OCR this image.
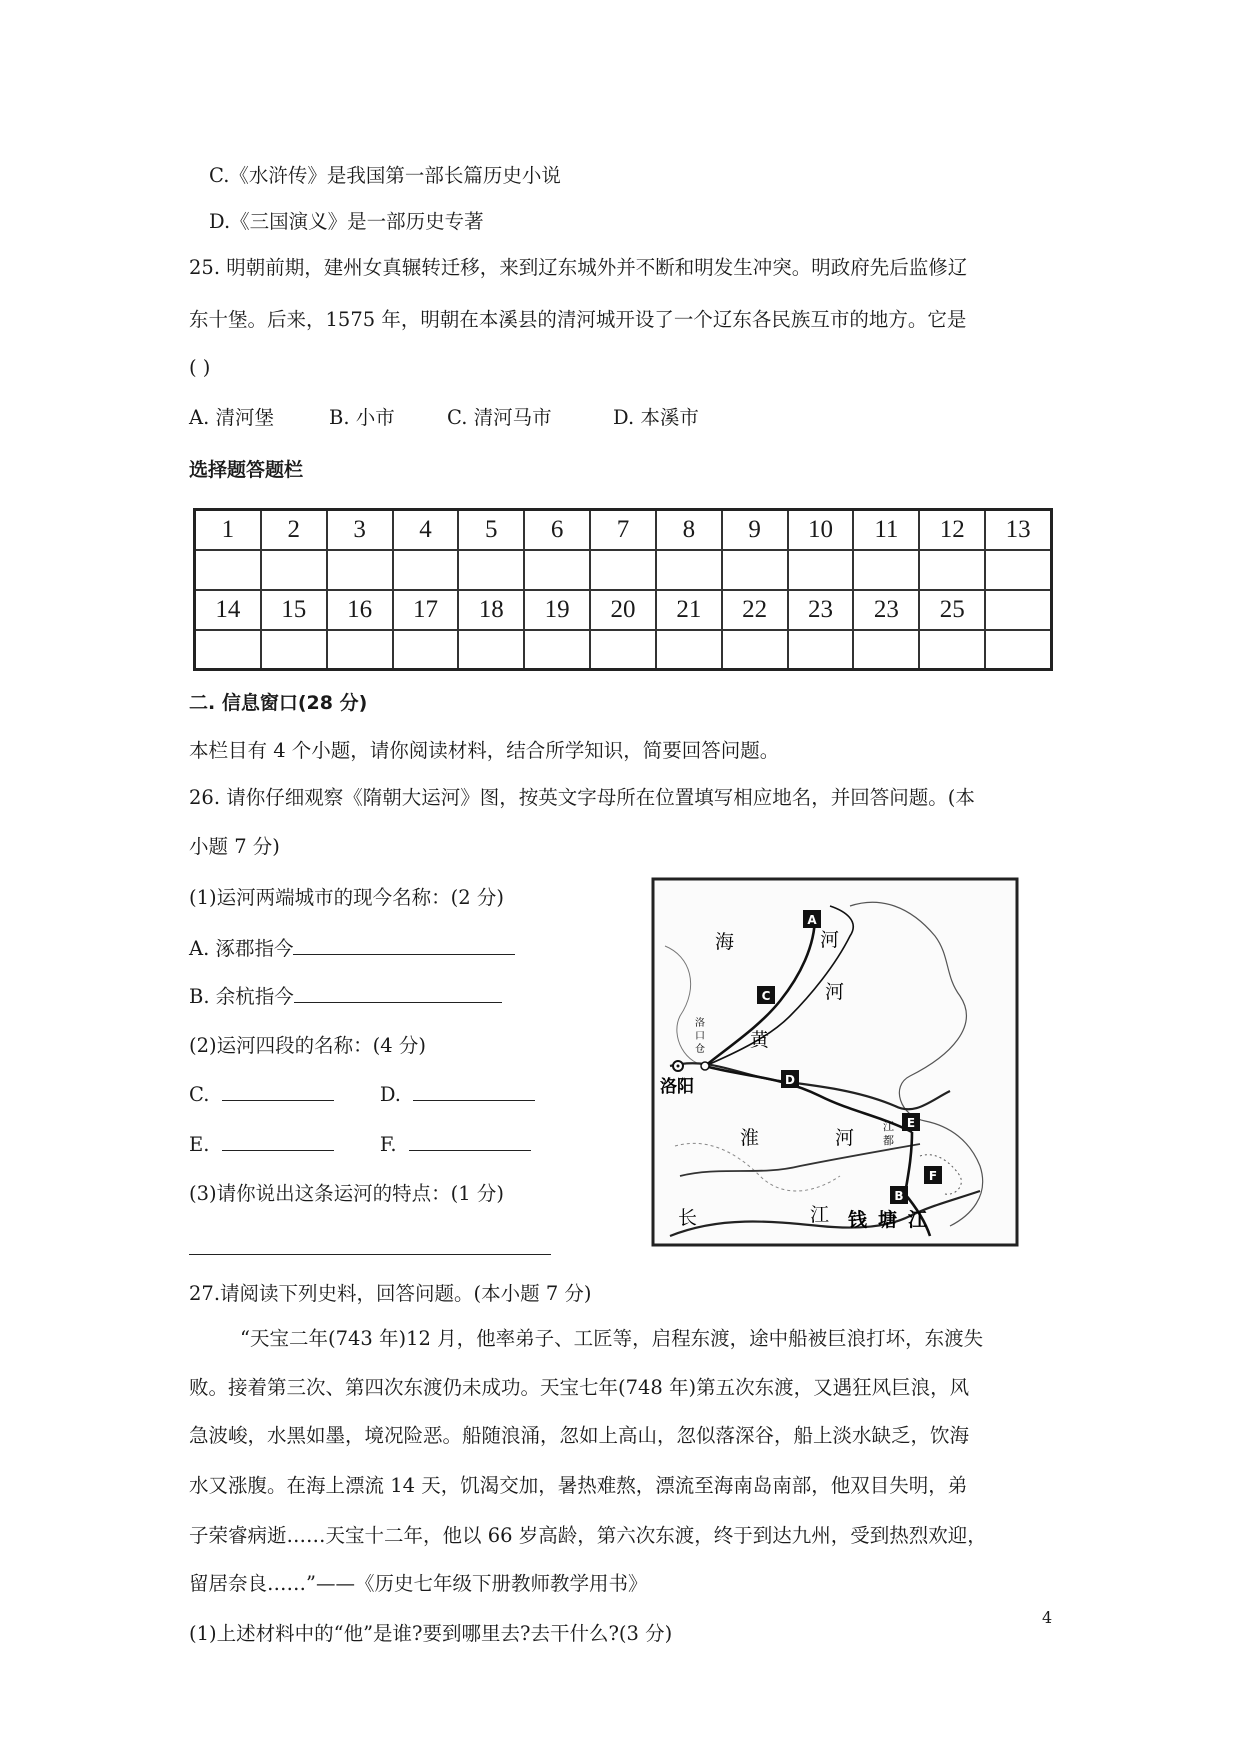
C.《水浒传》是我国第一部长篇历史小说
D.《三国演义》是一部历史专著
25. 明朝前期，建州女真辗转迁移，来到辽东城外并不断和明发生冲突。明政府先后监修辽
东十堡。后来，1575 年，明朝在本溪县的清河城开设了一个辽东各民族互市的地方。它是
( )
A. 清河堡	B. 小市	C. 清河马市	D. 本溪市
选择题答题栏
1	2	3	4	5	6	7	8	9	10	11	12	13

14	15	16	17	18	19	20	21	22	23	23	25	

二. 信息窗口(28 分)
本栏目有 4 个小题，请你阅读材料，结合所学知识，简要回答问题。
26. 请你仔细观察《隋朝大运河》图，按英文字母所在位置填写相应地名，并回答问题。(本
小题 7 分)
(1)运河两端城市的现今名称：(2 分)
A. 涿郡指今
B. 余杭指今
(2)运河四段的名称：(4 分)
C.	D.
E.	F.
(3)请你说出这条运河的特点：(1 分)
洛阳
洛
口
仓
海	河
河
黄
淮	河
长	江 钱 塘 江
江
都
A
C
D
E
F
B
27.请阅读下列史料，回答问题。(本小题 7 分)
“天宝二年(743 年)12 月，他率弟子、工匠等，启程东渡，途中船被巨浪打坏，东渡失
败。接着第三次、第四次东渡仍未成功。天宝七年(748 年)第五次东渡，又遇狂风巨浪，风
急波峻，水黑如墨，境况险恶。船随浪涌，忽如上高山，忽似落深谷，船上淡水缺乏，饮海
水又涨腹。在海上漂流 14 天，饥渴交加，暑热难熬，漂流至海南岛南部，他双目失明，弟
子荣睿病逝……天宝十二年，他以 66 岁高龄，第六次东渡，终于到达九州，受到热烈欢迎，
留居奈良……”——《历史七年级下册教师教学用书》
(1)上述材料中的“他”是谁?要到哪里去?去干什么?(3 分)
4
